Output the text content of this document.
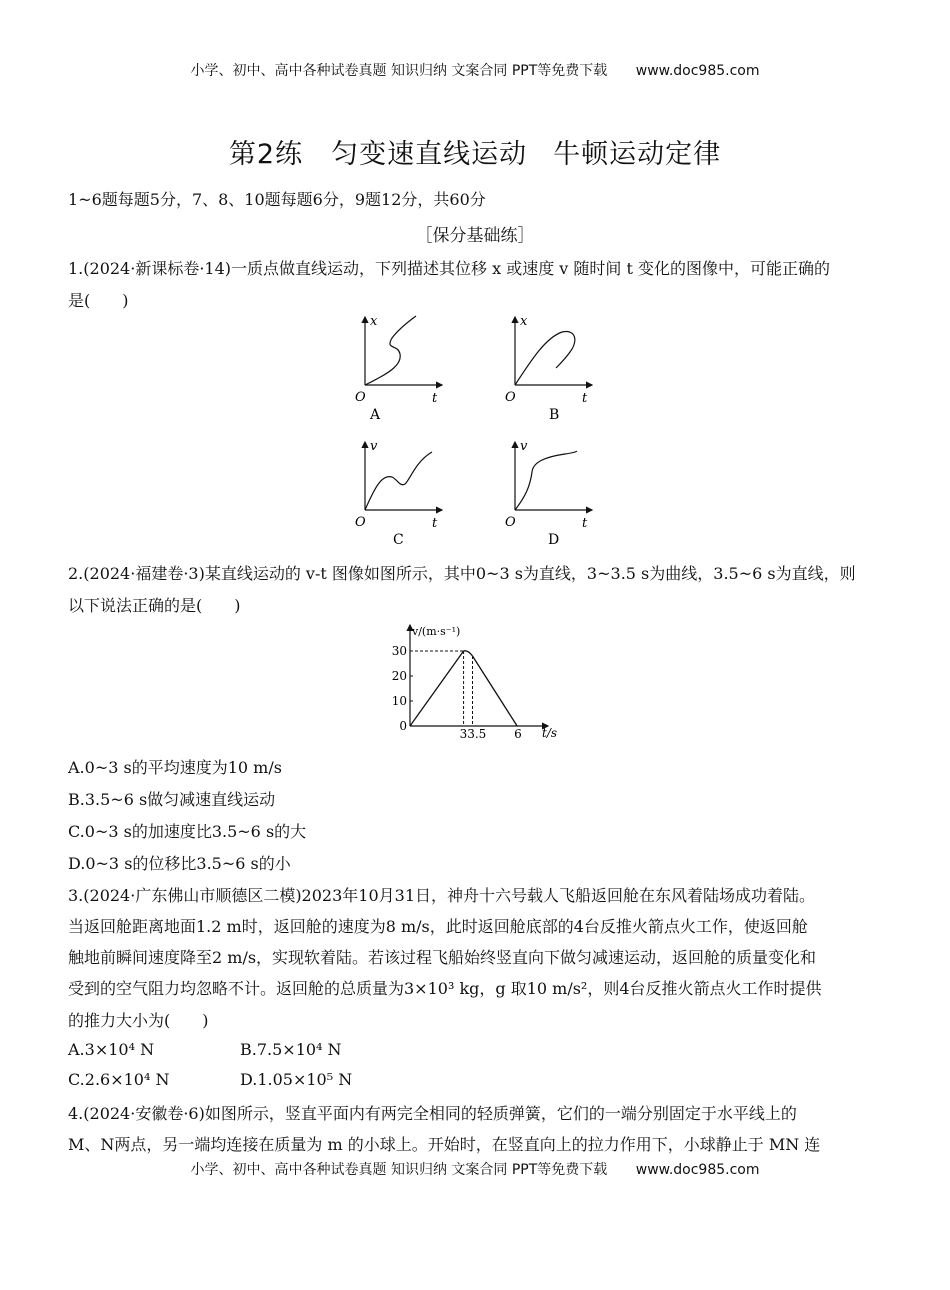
小学、初中、高中各种试卷真题 知识归纳 文案合同 PPT等免费下载 www.doc985.com
第2练　匀变速直线运动 牛顿运动定律
1~6题每题5分，7、8、10题每题6分，9题12分，共60分
［保分基础练］
1.(2024·新课标卷·14)一质点做直线运动，下列描述其位移 x 或速度 v 随时间 t 变化的图像中，可能正确的
是(　　)
x
t
O
A
x
t
O
B
v
t
O
C
v
t
O
D
2.(2024·福建卷·3)某直线运动的 v-t 图像如图所示，其中0~3 s为直线，3~3.5 s为曲线，3.5~6 s为直线，则
以下说法正确的是(　　)
v/(m·s⁻¹)
t/s
0
10
20
30
33.5 6
A.0~3 s的平均速度为10 m/s
B.3.5~6 s做匀减速直线运动
C.0~3 s的加速度比3.5~6 s的大
D.0~3 s的位移比3.5~6 s的小
3.(2024·广东佛山市顺德区二模)2023年10月31日，神舟十六号载人飞船返回舱在东风着陆场成功着陆。
当返回舱距离地面1.2 m时，返回舱的速度为8 m/s，此时返回舱底部的4台反推火箭点火工作，使返回舱
触地前瞬间速度降至2 m/s，实现软着陆。若该过程飞船始终竖直向下做匀减速运动，返回舱的质量变化和
受到的空气阻力均忽略不计。返回舱的总质量为3×10³ kg，g 取10 m/s²，则4台反推火箭点火工作时提供
的推力大小为(　　)
A.3×10⁴ N	B.7.5×10⁴ N
C.2.6×10⁴ N	D.1.05×10⁵ N
4.(2024·安徽卷·6)如图所示，竖直平面内有两完全相同的轻质弹簧，它们的一端分别固定于水平线上的
M、N两点，另一端均连接在质量为 m 的小球上。开始时，在竖直向上的拉力作用下，小球静止于 MN 连
小学、初中、高中各种试卷真题 知识归纳 文案合同 PPT等免费下载 www.doc985.com
